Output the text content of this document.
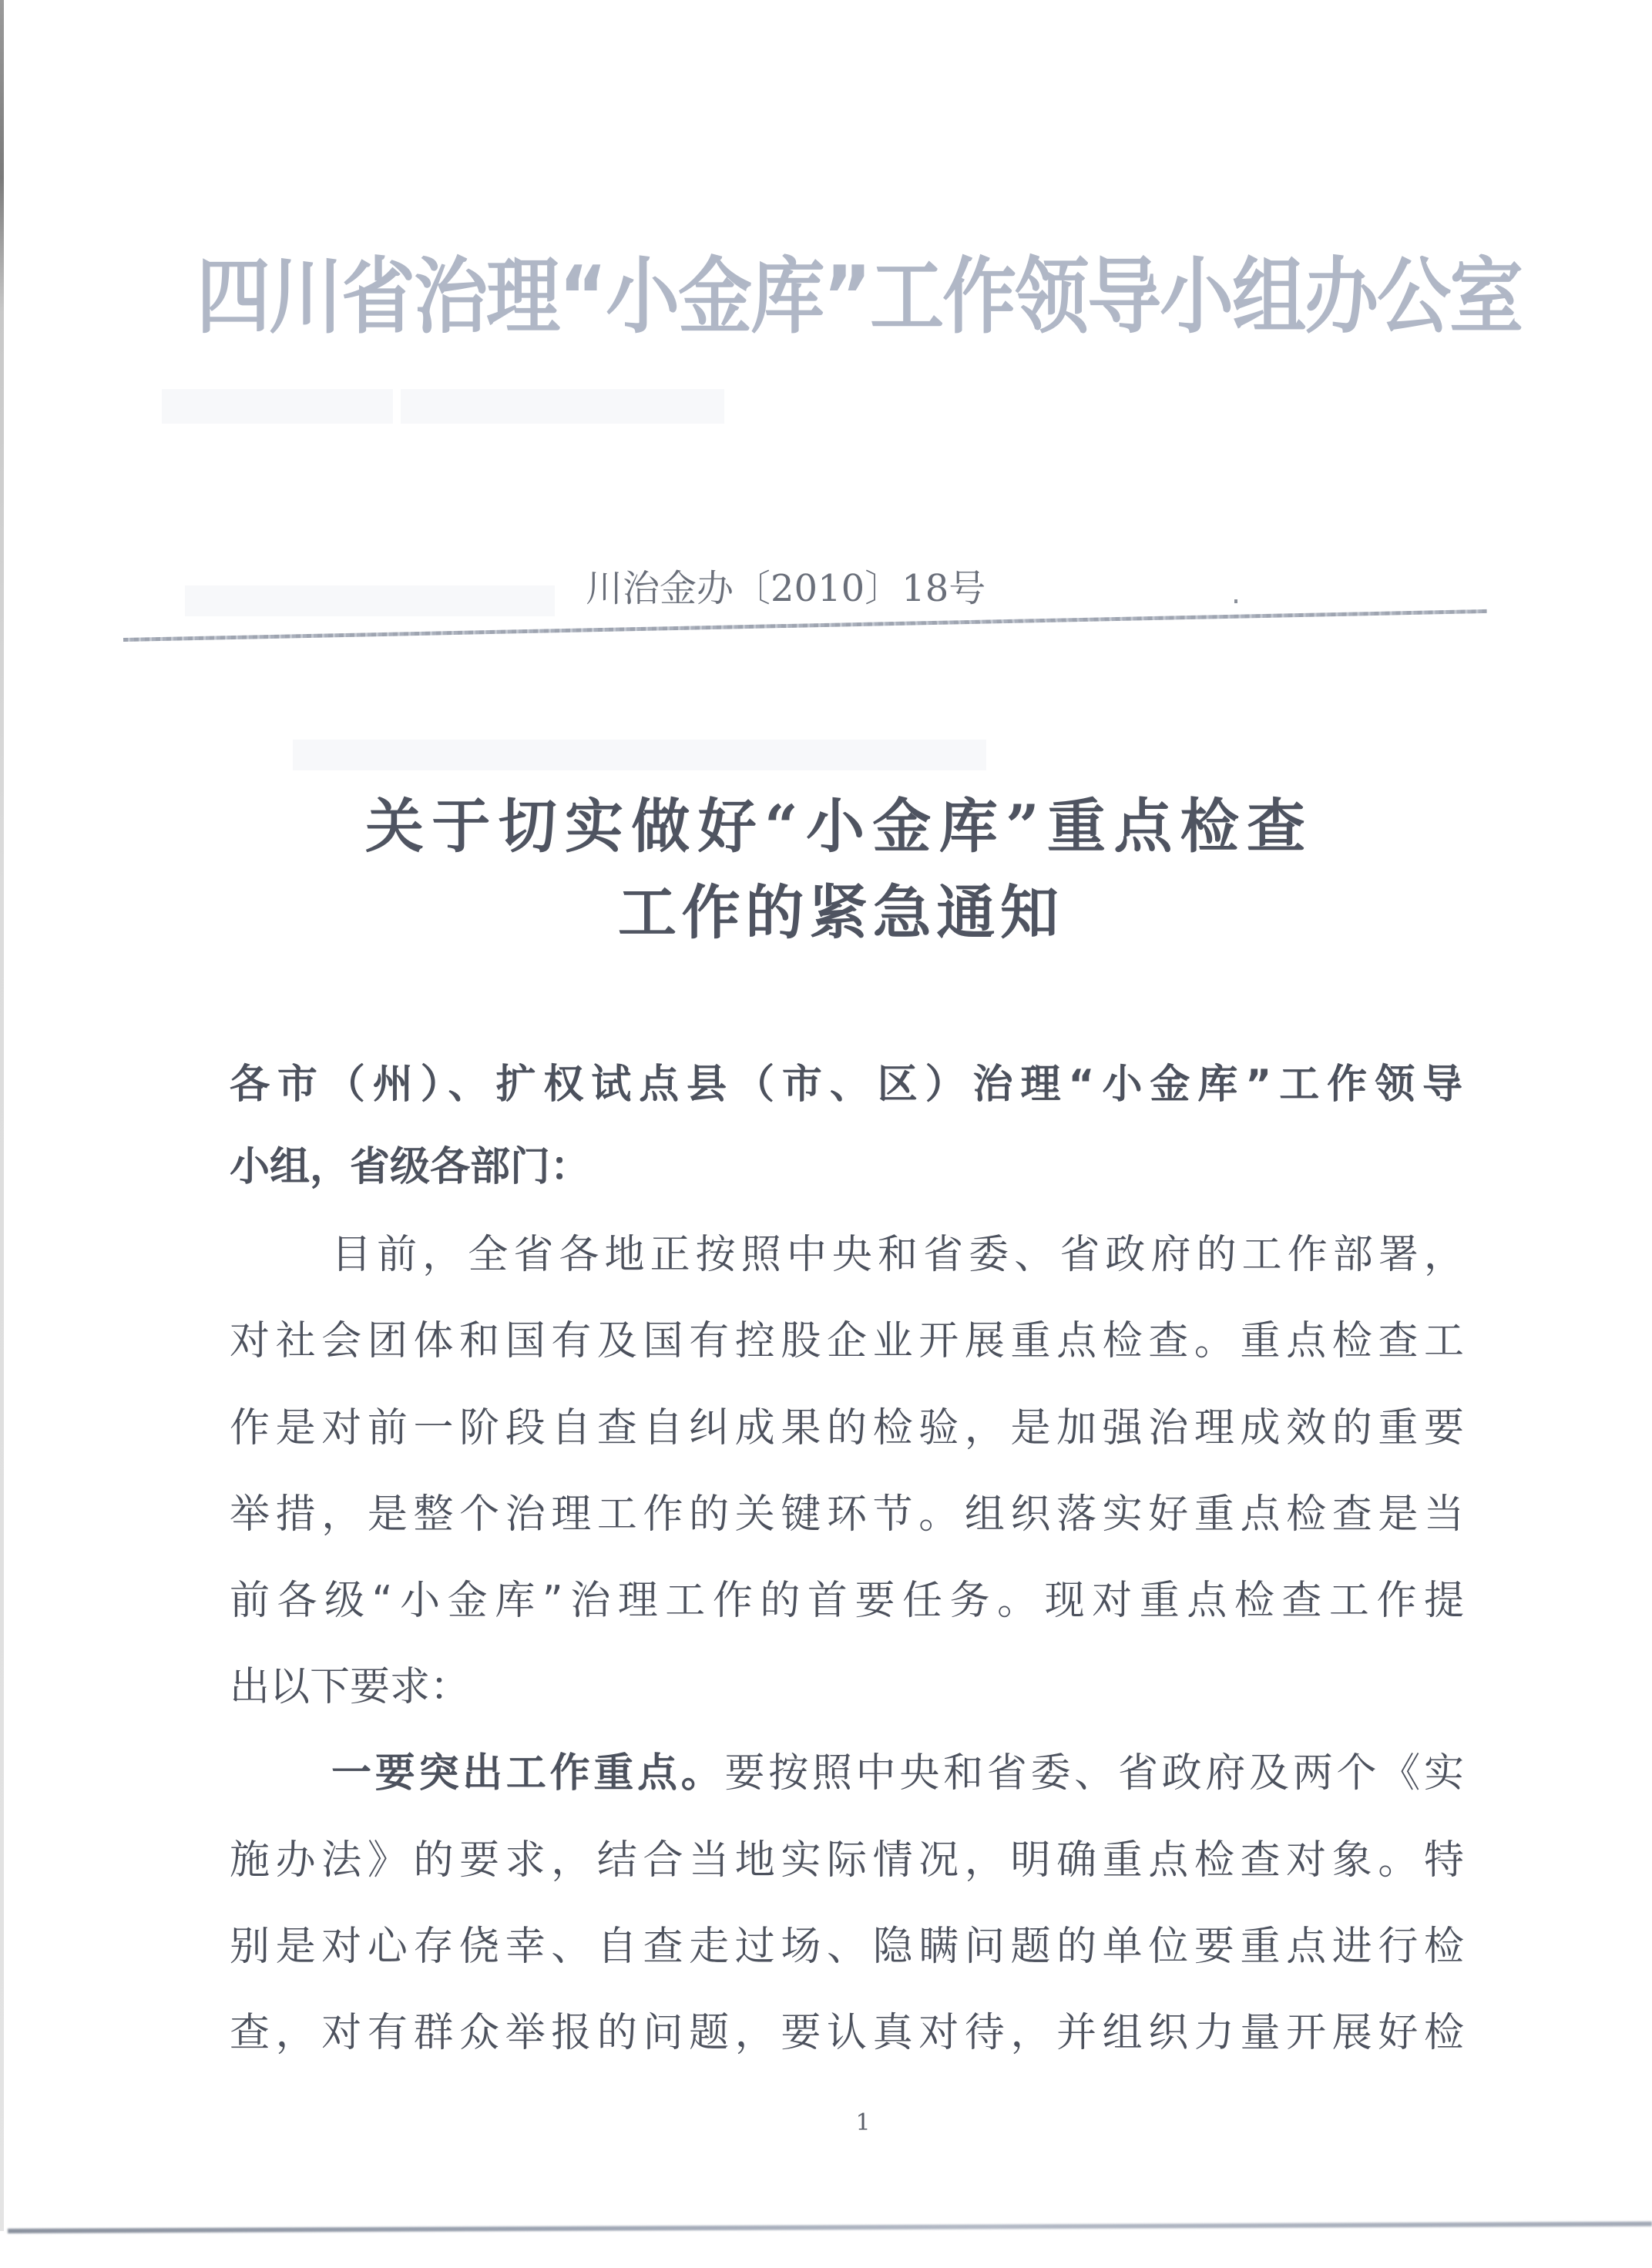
四川省治理“小金库”工作领导小组办公室
川治金办〔2010〕18号
关于切实做好“小金库”重点检查
工作的紧急通知
各市（州）、扩权试点县（市、区）治理“小金库”工作领导
小组，省级各部门：
目前，全省各地正按照中央和省委、省政府的工作部署，
对社会团体和国有及国有控股企业开展重点检查。重点检查工
作是对前一阶段自查自纠成果的检验，是加强治理成效的重要
举措，是整个治理工作的关键环节。组织落实好重点检查是当
前各级“小金库”治理工作的首要任务。现对重点检查工作提
出以下要求：
一要突出工作重点。要按照中央和省委、省政府及两个《实
施办法》的要求，结合当地实际情况，明确重点检查对象。特
别是对心存侥幸、自查走过场、隐瞒问题的单位要重点进行检
查，对有群众举报的问题，要认真对待，并组织力量开展好检
1
